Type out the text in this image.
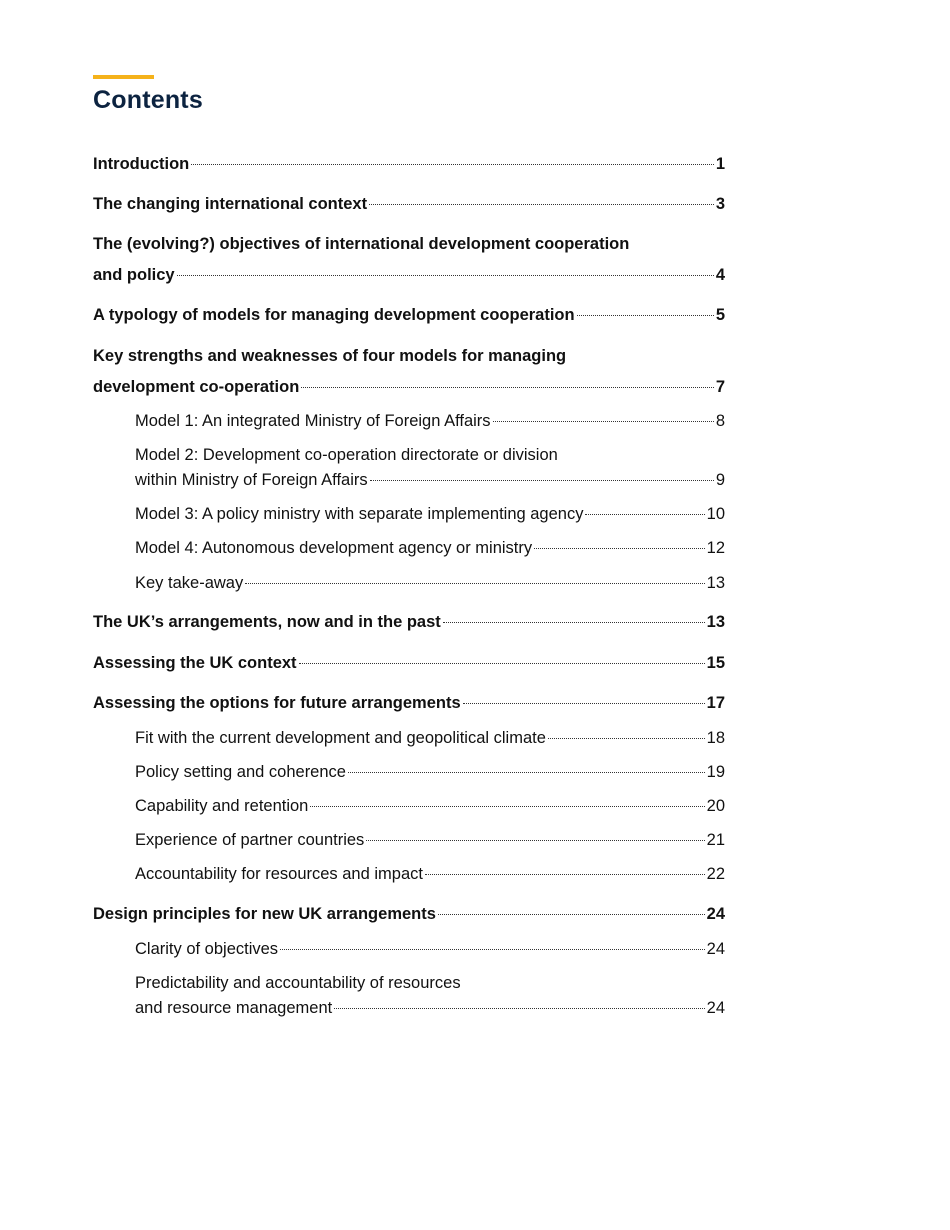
Contents
Introduction	1
The changing international context	3
The (evolving?) objectives of international development cooperation
and policy	4
A typology of models for managing development cooperation	5
Key strengths and weaknesses of four models for managing
development co-operation	7
Model 1: An integrated Ministry of Foreign Affairs	8
Model 2: Development co-operation directorate or division
within Ministry of Foreign Affairs	9
Model 3: A policy ministry with separate implementing agency	10
Model 4: Autonomous development agency or ministry	12
Key take-away	13
The UK’s arrangements, now and in the past	13
Assessing the UK context	15
Assessing the options for future arrangements	17
Fit with the current development and geopolitical climate	18
Policy setting and coherence	19
Capability and retention	20
Experience of partner countries	21
Accountability for resources and impact	22
Design principles for new UK arrangements	24
Clarity of objectives	24
Predictability and accountability of resources
and resource management	24
